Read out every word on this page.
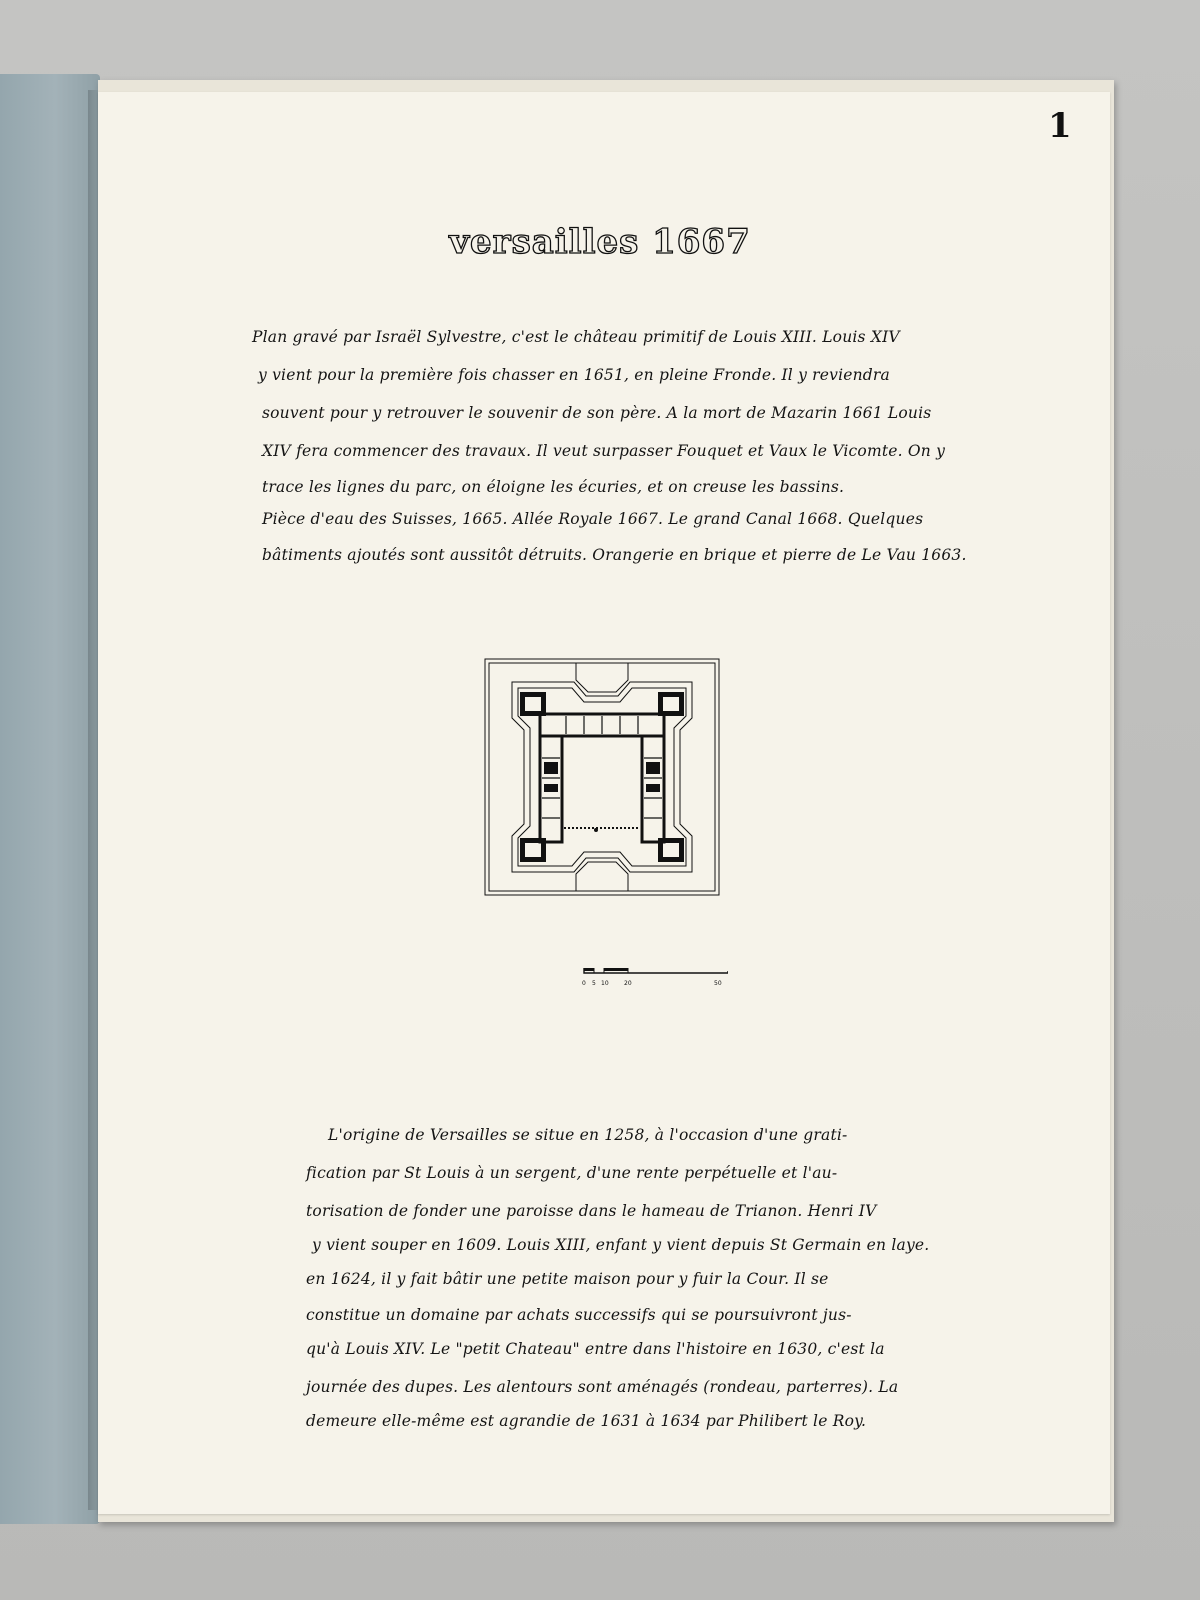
1
versailles 1667
Plan gravé par Israël Sylvestre, c'est le château primitif de Louis XIII. Louis XIV
y vient pour la première fois chasser en 1651, en pleine Fronde. Il y reviendra
souvent pour y retrouver le souvenir de son père. A la mort de Mazarin 1661 Louis
XIV fera commencer des travaux. Il veut surpasser Fouquet et Vaux le Vicomte. On y
trace les lignes du parc, on éloigne les écuries, et on creuse les bassins.
Pièce d'eau des Suisses, 1665. Allée Royale 1667. Le grand Canal 1668. Quelques
bâtiments ajoutés sont aussitôt détruits. Orangerie en brique et pierre de Le Vau 1663.
0 5 10	20	50
L'origine de Versailles se situe en 1258, à l'occasion d'une grati-
fication par St Louis à un sergent, d'une rente perpétuelle et l'au-
torisation de fonder une paroisse dans le hameau de Trianon. Henri IV
y vient souper en 1609. Louis XIII, enfant y vient depuis St Germain en laye.
en 1624, il y fait bâtir une petite maison pour y fuir la Cour. Il se
constitue un domaine par achats successifs qui se poursuivront jus-
qu'à Louis XIV. Le "petit Chateau" entre dans l'histoire en 1630, c'est la
journée des dupes. Les alentours sont aménagés (rondeau, parterres). La
demeure elle-même est agrandie de 1631 à 1634 par Philibert le Roy.
